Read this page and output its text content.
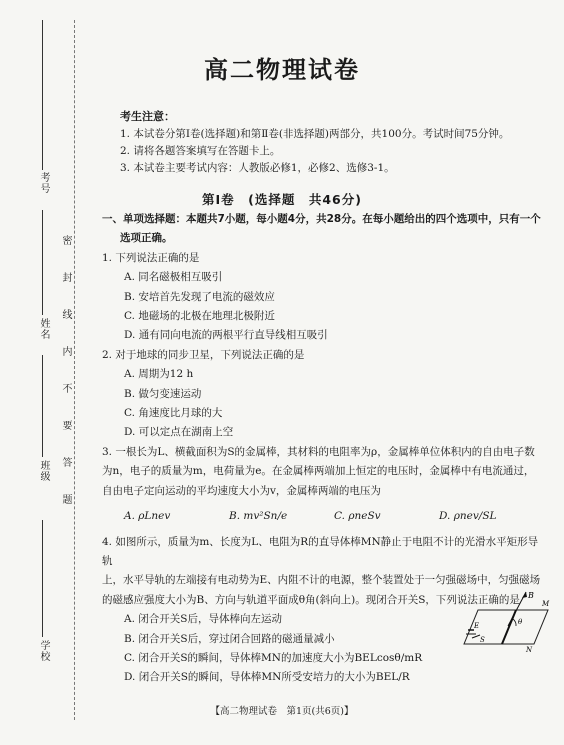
考号
姓名
班级
学校
密封线内不要答题
高二物理试卷
考生注意：
1. 本试卷分第Ⅰ卷(选择题)和第Ⅱ卷(非选择题)两部分，共100分。考试时间75分钟。
2. 请将各题答案填写在答题卡上。
3. 本试卷主要考试内容：人教版必修1，必修2、选修3-1。
第Ⅰ卷　(选择题　共46分)
一、单项选择题：本题共7小题，每小题4分，共28分。在每小题给出的四个选项中，只有一个
选项正确。
1. 下列说法正确的是
A. 同名磁极相互吸引
B. 安培首先发现了电流的磁效应
C. 地磁场的北极在地理北极附近
D. 通有同向电流的两根平行直导线相互吸引
2. 对于地球的同步卫星，下列说法正确的是
A. 周期为12 h
B. 做匀变速运动
C. 角速度比月球的大
D. 可以定点在湖南上空
3. 一根长为L、横截面积为S的金属棒，其材料的电阻率为ρ，金属棒单位体积内的自由电子数
为n，电子的质量为m，电荷量为e。在金属棒两端加上恒定的电压时，金属棒中有电流通过，
自由电子定向运动的平均速度大小为v，金属棒两端的电压为
A. ρLnev	B. mv²Sn/e	C. ρneSv	D. ρnev/SL
4. 如图所示，质量为m、长度为L、电阻为R的直导体棒MN静止于电阻不计的光滑水平矩形导轨
上，水平导轨的左端接有电动势为E、内阻不计的电源，整个装置处于一匀强磁场中，匀强磁场
的磁感应强度大小为B、方向与轨道平面成θ角(斜向上)。现闭合开关S，下列说法正确的是
A. 闭合开关S后，导体棒向左运动
B. 闭合开关S后，穿过闭合回路的磁通量减小
C. 闭合开关S的瞬间，导体棒MN的加速度大小为BELcosθ/mR
D. 闭合开关S的瞬间，导体棒MN所受安培力的大小为BEL/R
B
M
N
E
S
θ
【高二物理试卷　第1页(共6页)】
